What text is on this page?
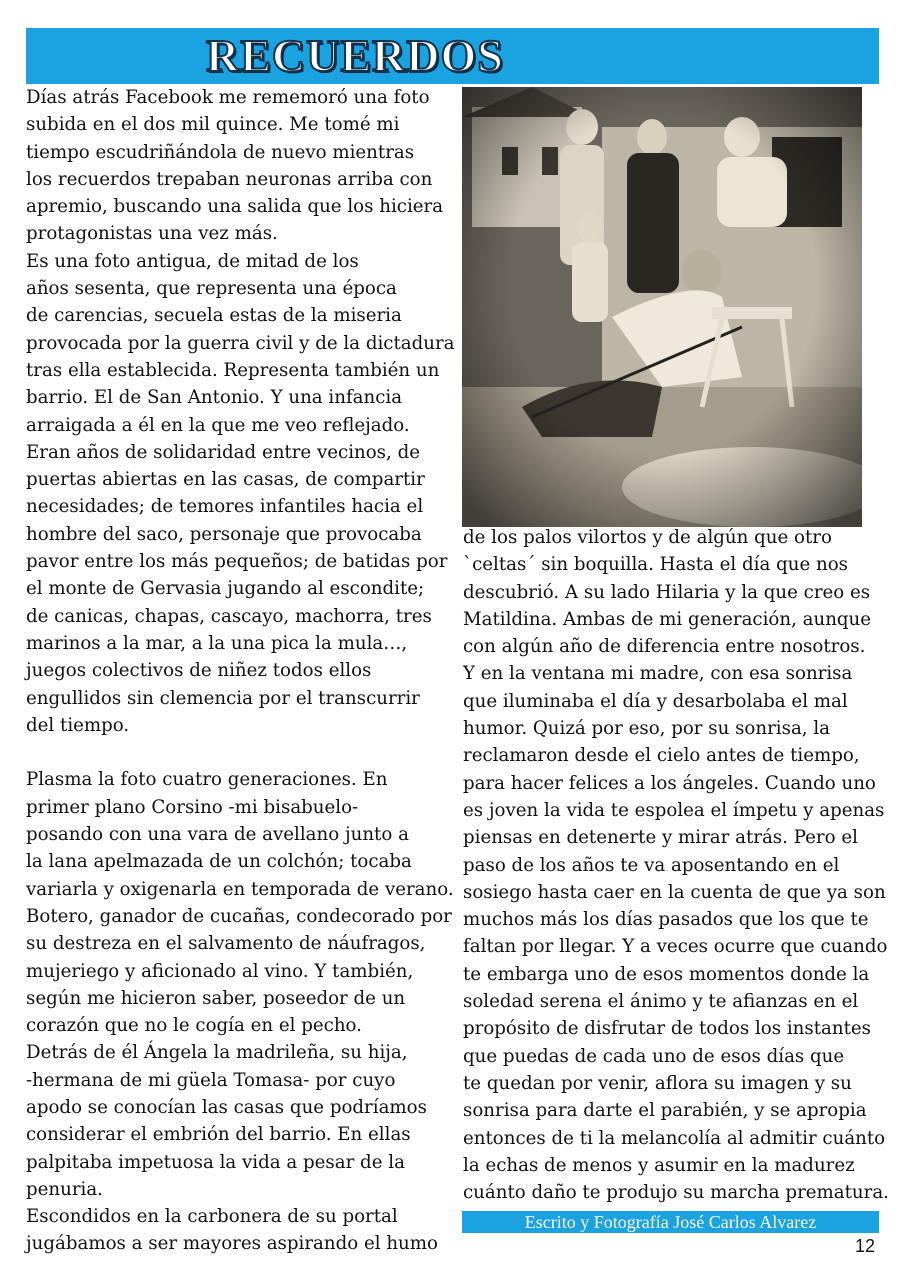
RECUERDOS

Días atrás Facebook me rememoró una foto

subida en el dos mil quince. Me tomé mi

tiempo escudriñándola de nuevo mientras

los recuerdos trepaban neuronas arriba con

apremio, buscando una salida que los hiciera

protagonistas una vez más.

Es una foto antigua, de mitad de los

años sesenta, que representa una época

de carencias, secuela estas de la miseria

provocada por la guerra civil y de la dictadura

tras ella establecida. Representa también un

barrio. El de San Antonio. Y una infancia

arraigada a él en la que me veo reflejado.

Eran años de solidaridad entre vecinos, de

puertas abiertas en las casas, de compartir

necesidades; de temores infantiles hacia el

hombre del saco, personaje que provocaba

pavor entre los más pequeños; de batidas por

el monte de Gervasia jugando al escondite;

de canicas, chapas, cascayo, machorra, tres

marinos a la mar, a la una pica la mula…,

juegos colectivos de niñez todos ellos

engullidos sin clemencia por el transcurrir

del tiempo.

Plasma la foto cuatro generaciones. En

primer plano Corsino -mi bisabuelo-

posando con una vara de avellano junto a

la lana apelmazada de un colchón; tocaba

variarla y oxigenarla en temporada de verano.

Botero, ganador de cucañas, condecorado por

su destreza en el salvamento de náufragos,

mujeriego y aficionado al vino. Y también,

según me hicieron saber, poseedor de un

corazón que no le cogía en el pecho.

Detrás de él Ángela la madrileña, su hija,

-hermana de mi güela Tomasa- por cuyo

apodo se conocían las casas que podríamos

considerar el embrión del barrio. En ellas

palpitaba impetuosa la vida a pesar de la

penuria.

Escondidos en la carbonera de su portal

jugábamos a ser mayores aspirando el humo

de los palos vilortos y de algún que otro

`celtas´ sin boquilla. Hasta el día que nos

descubrió. A su lado Hilaria y la que creo es

Matildina. Ambas de mi generación, aunque

con algún año de diferencia entre nosotros.

Y en la ventana mi madre, con esa sonrisa

que iluminaba el día y desarbolaba el mal

humor. Quizá por eso, por su sonrisa, la

reclamaron desde el cielo antes de tiempo,

para hacer felices a los ángeles. Cuando uno

es joven la vida te espolea el ímpetu y apenas

piensas en detenerte y mirar atrás. Pero el

paso de los años te va aposentando en el

sosiego hasta caer en la cuenta de que ya son

muchos más los días pasados que los que te

faltan por llegar. Y a veces ocurre que cuando

te embarga uno de esos momentos donde la

soledad serena el ánimo y te afianzas en el

propósito de disfrutar de todos los instantes

que puedas de cada uno de esos días que

te quedan por venir, aflora su imagen y su

sonrisa para darte el parabién, y se apropia

entonces de ti la melancolía al admitir cuánto

la echas de menos y asumir en la madurez

cuánto daño te produjo su marcha prematura.

Escrito y Fotografía José Carlos Alvarez
12
